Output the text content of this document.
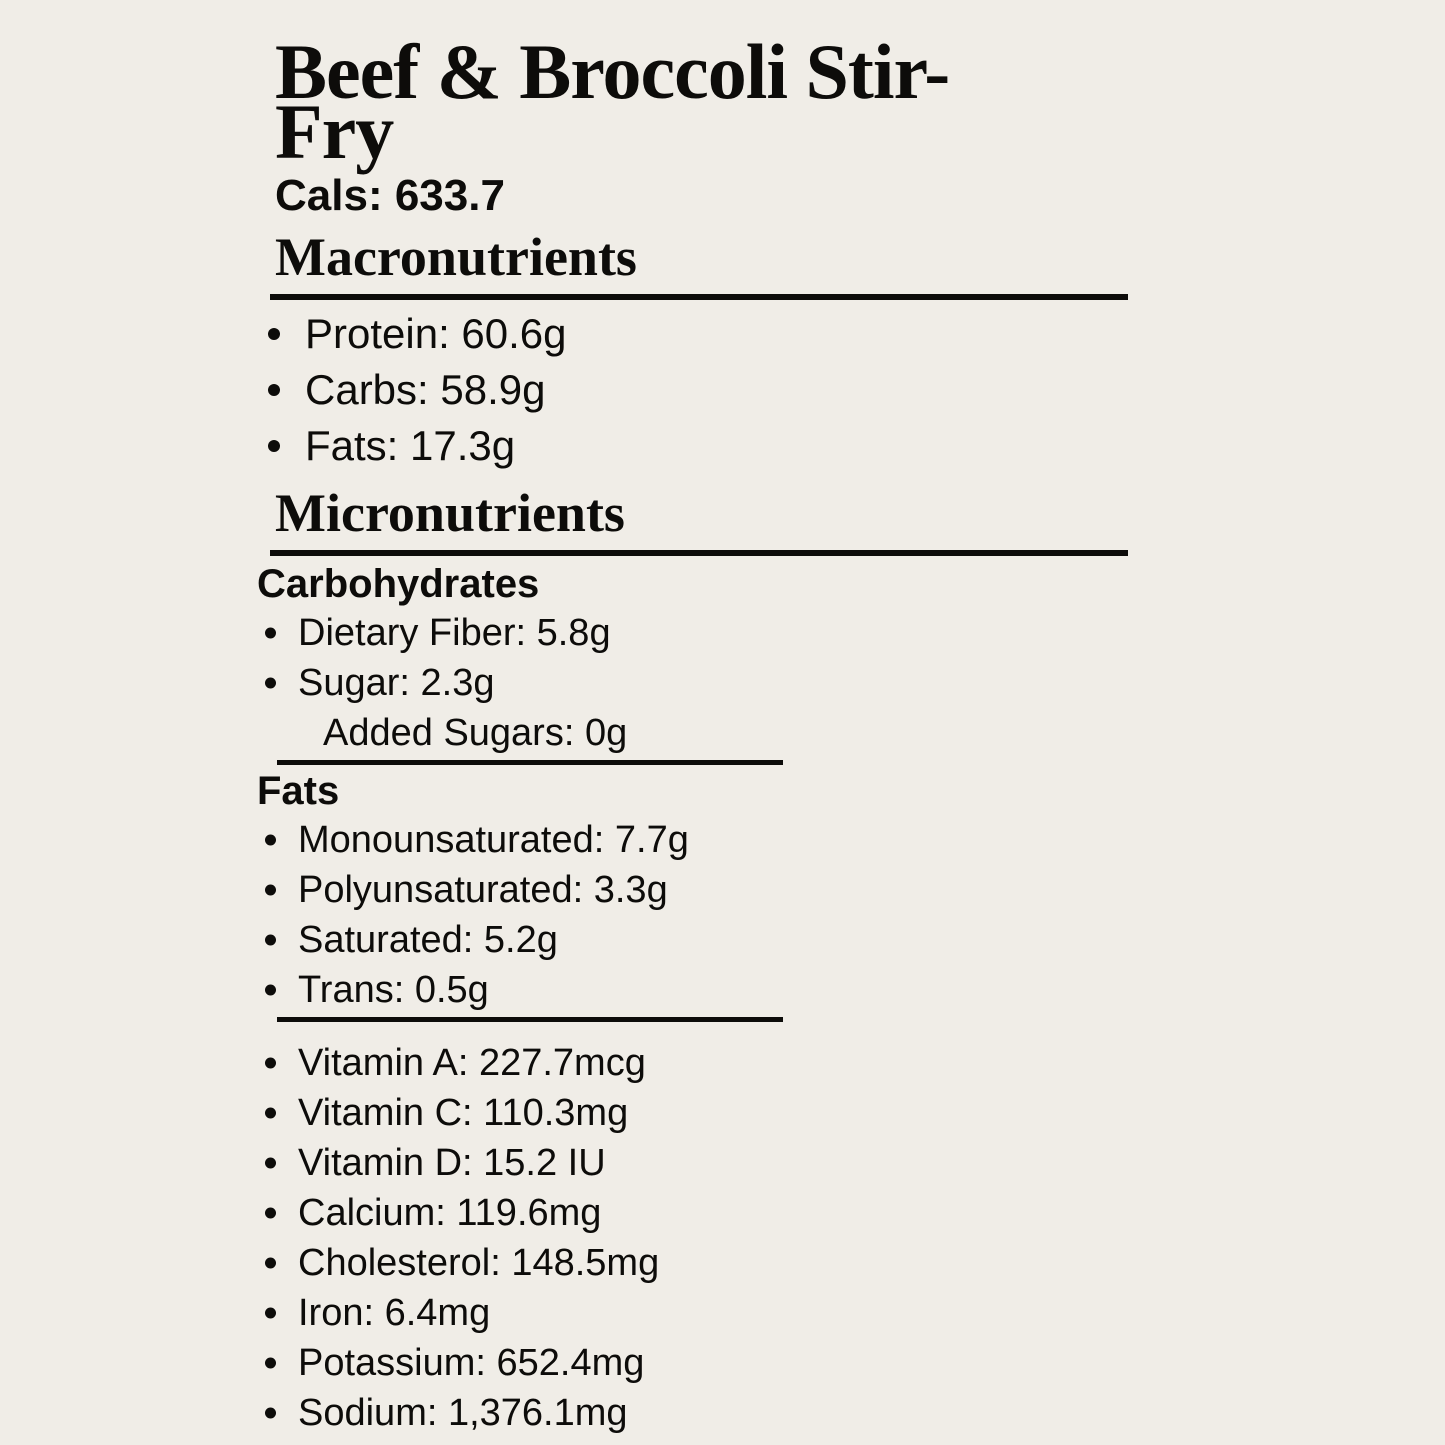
Beef & Broccoli Stir-Fry
Cals: 633.7
Macronutrients
Protein: 60.6g
Carbs: 58.9g
Fats: 17.3g
Micronutrients
Carbohydrates
Dietary Fiber: 5.8g
Sugar: 2.3g
Added Sugars: 0g
Fats
Monounsaturated: 7.7g
Polyunsaturated: 3.3g
Saturated: 5.2g
Trans: 0.5g
Vitamin A: 227.7mcg
Vitamin C: 110.3mg
Vitamin D: 15.2 IU
Calcium: 119.6mg
Cholesterol: 148.5mg
Iron: 6.4mg
Potassium: 652.4mg
Sodium: 1,376.1mg
